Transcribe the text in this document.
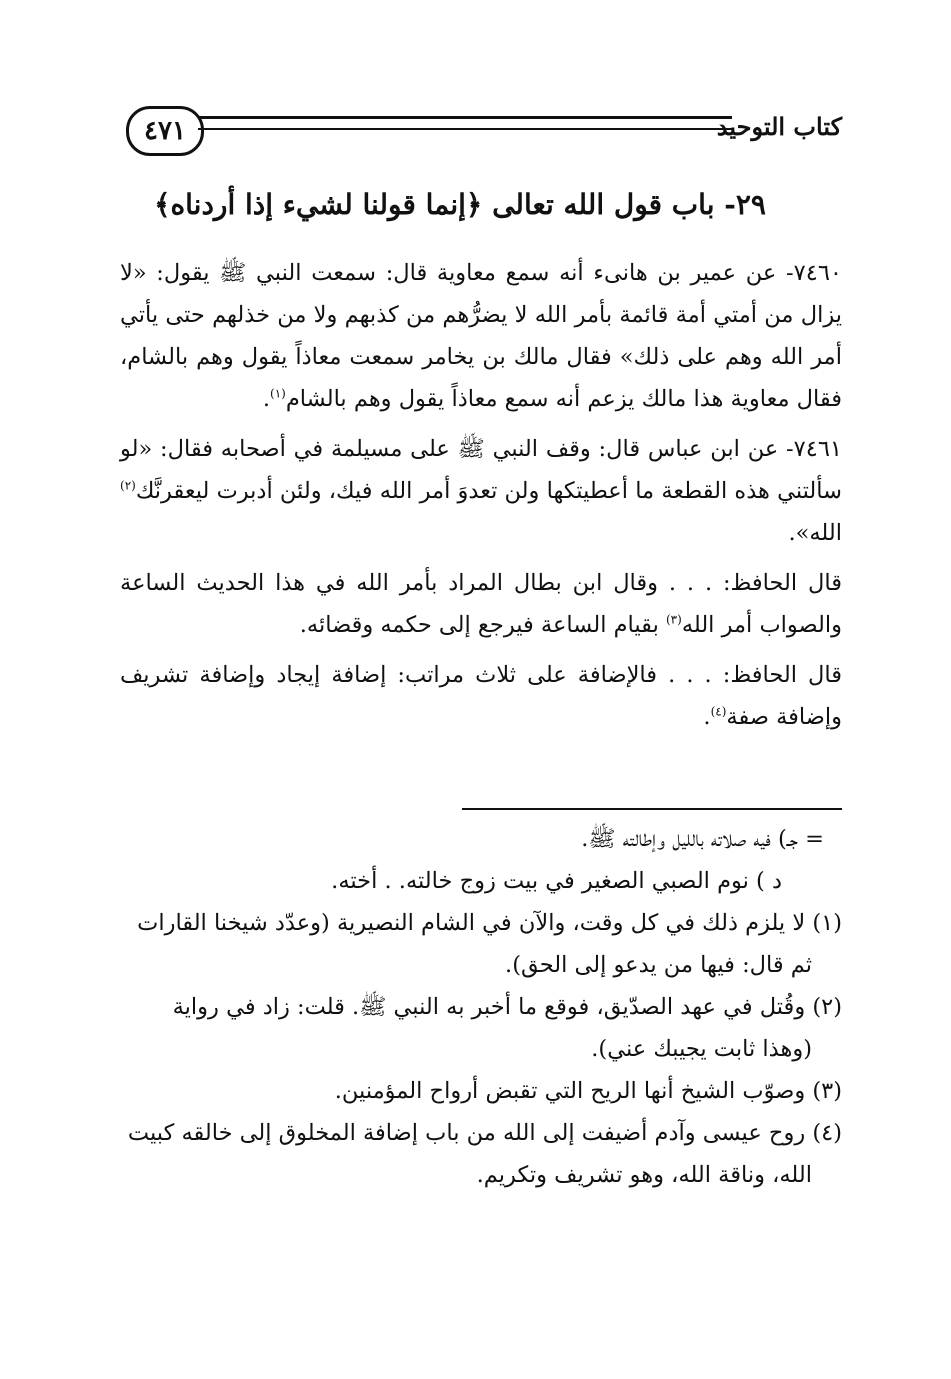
كتاب التوحيد
٤٧١
٢٩- باب قول الله تعالى ﴿إنما قولنا لشيء إذا أردناه﴾

٧٤٦٠- عن عمير بن هانىء أنه سمع معاوية قال: سمعت النبي ﷺ يقول: «لا يزال من أمتي أمة قائمة بأمر الله لا يضرُّهم من كذبهم ولا من خذلهم حتى يأتي أمر الله وهم على ذلك» فقال مالك بن يخامر سمعت معاذاً يقول وهم بالشام، فقال معاوية هذا مالك يزعم أنه سمع معاذاً يقول وهم بالشام$^{(١)}$.

٧٤٦١- عن ابن عباس قال: وقف النبي ﷺ على مسيلمة في أصحابه فقال: «لو سألتني هذه القطعة ما أعطيتكها ولن تعدوَ أمر الله فيك، ولئن أدبرت ليعقرنَّك$^{(٢)}$ الله».

قال الحافظ: . . . وقال ابن بطال المراد بأمر الله في هذا الحديث الساعة والصواب أمر الله$^{(٣)}$ بقيام الساعة فيرجع إلى حكمه وقضائه.

قال الحافظ: . . . فالإضافة على ثلاث مراتب: إضافة إيجاد وإضافة تشريف وإضافة صفة$^{(٤)}$.

= جـ) فيه صلاته بالليل وإطالته ﷺ.
د ) نوم الصبي الصغير في بيت زوج خالته. . أخته.
(١) لا يلزم ذلك في كل وقت، والآن في الشام النصيرية (وعدّد شيخنا القارات ثم قال: فيها من يدعو إلى الحق).
(٢) وقُتل في عهد الصدّيق، فوقع ما أخبر به النبي ﷺ. قلت: زاد في رواية (وهذا ثابت يجيبك عني).
(٣) وصوّب الشيخ أنها الريح التي تقبض أرواح المؤمنين.
(٤) روح عيسى وآدم أضيفت إلى الله من باب إضافة المخلوق إلى خالقه كبيت الله، وناقة الله، وهو تشريف وتكريم.
